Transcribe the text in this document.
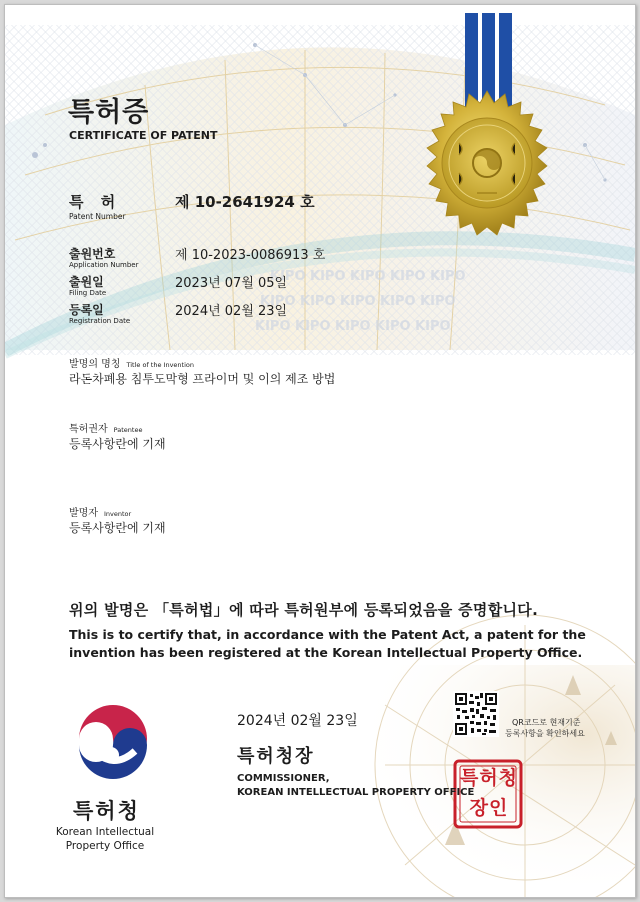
KIPO KIPO KIPO KIPO KIPO
KIPO KIPO KIPO KIPO KIPO
KIPO KIPO KIPO KIPO KIPO
특허증
CERTIFICATE OF PATENT
특 허
Patent Number
제 10-2641924 호
출원번호
Application Number
제 10-2023-0086913 호
출원일
Filing Date
2023년 07월 05일
등록일
Registration Date
2024년 02월 23일
발명의 명칭 Title of the Invention
라돈차폐용 침투도막형 프라이머 및 이의 제조 방법
특허권자 Patentee
등록사항란에 기재
발명자 Inventor
등록사항란에 기재
위의 발명은 「특허법」에 따라 특허원부에 등록되었음을 증명합니다.
This is to certify that, in accordance with the Patent Act, a patent for the
invention has been registered at the Korean Intellectual Property Office.
2024년 02월 23일
특허청장
COMMISSIONER,
KOREAN INTELLECTUAL PROPERTY OFFICE
QR코드로 현재기준
등록사항을 확인하세요
특허청장인
특허청
Korean Intellectual
Property Office
